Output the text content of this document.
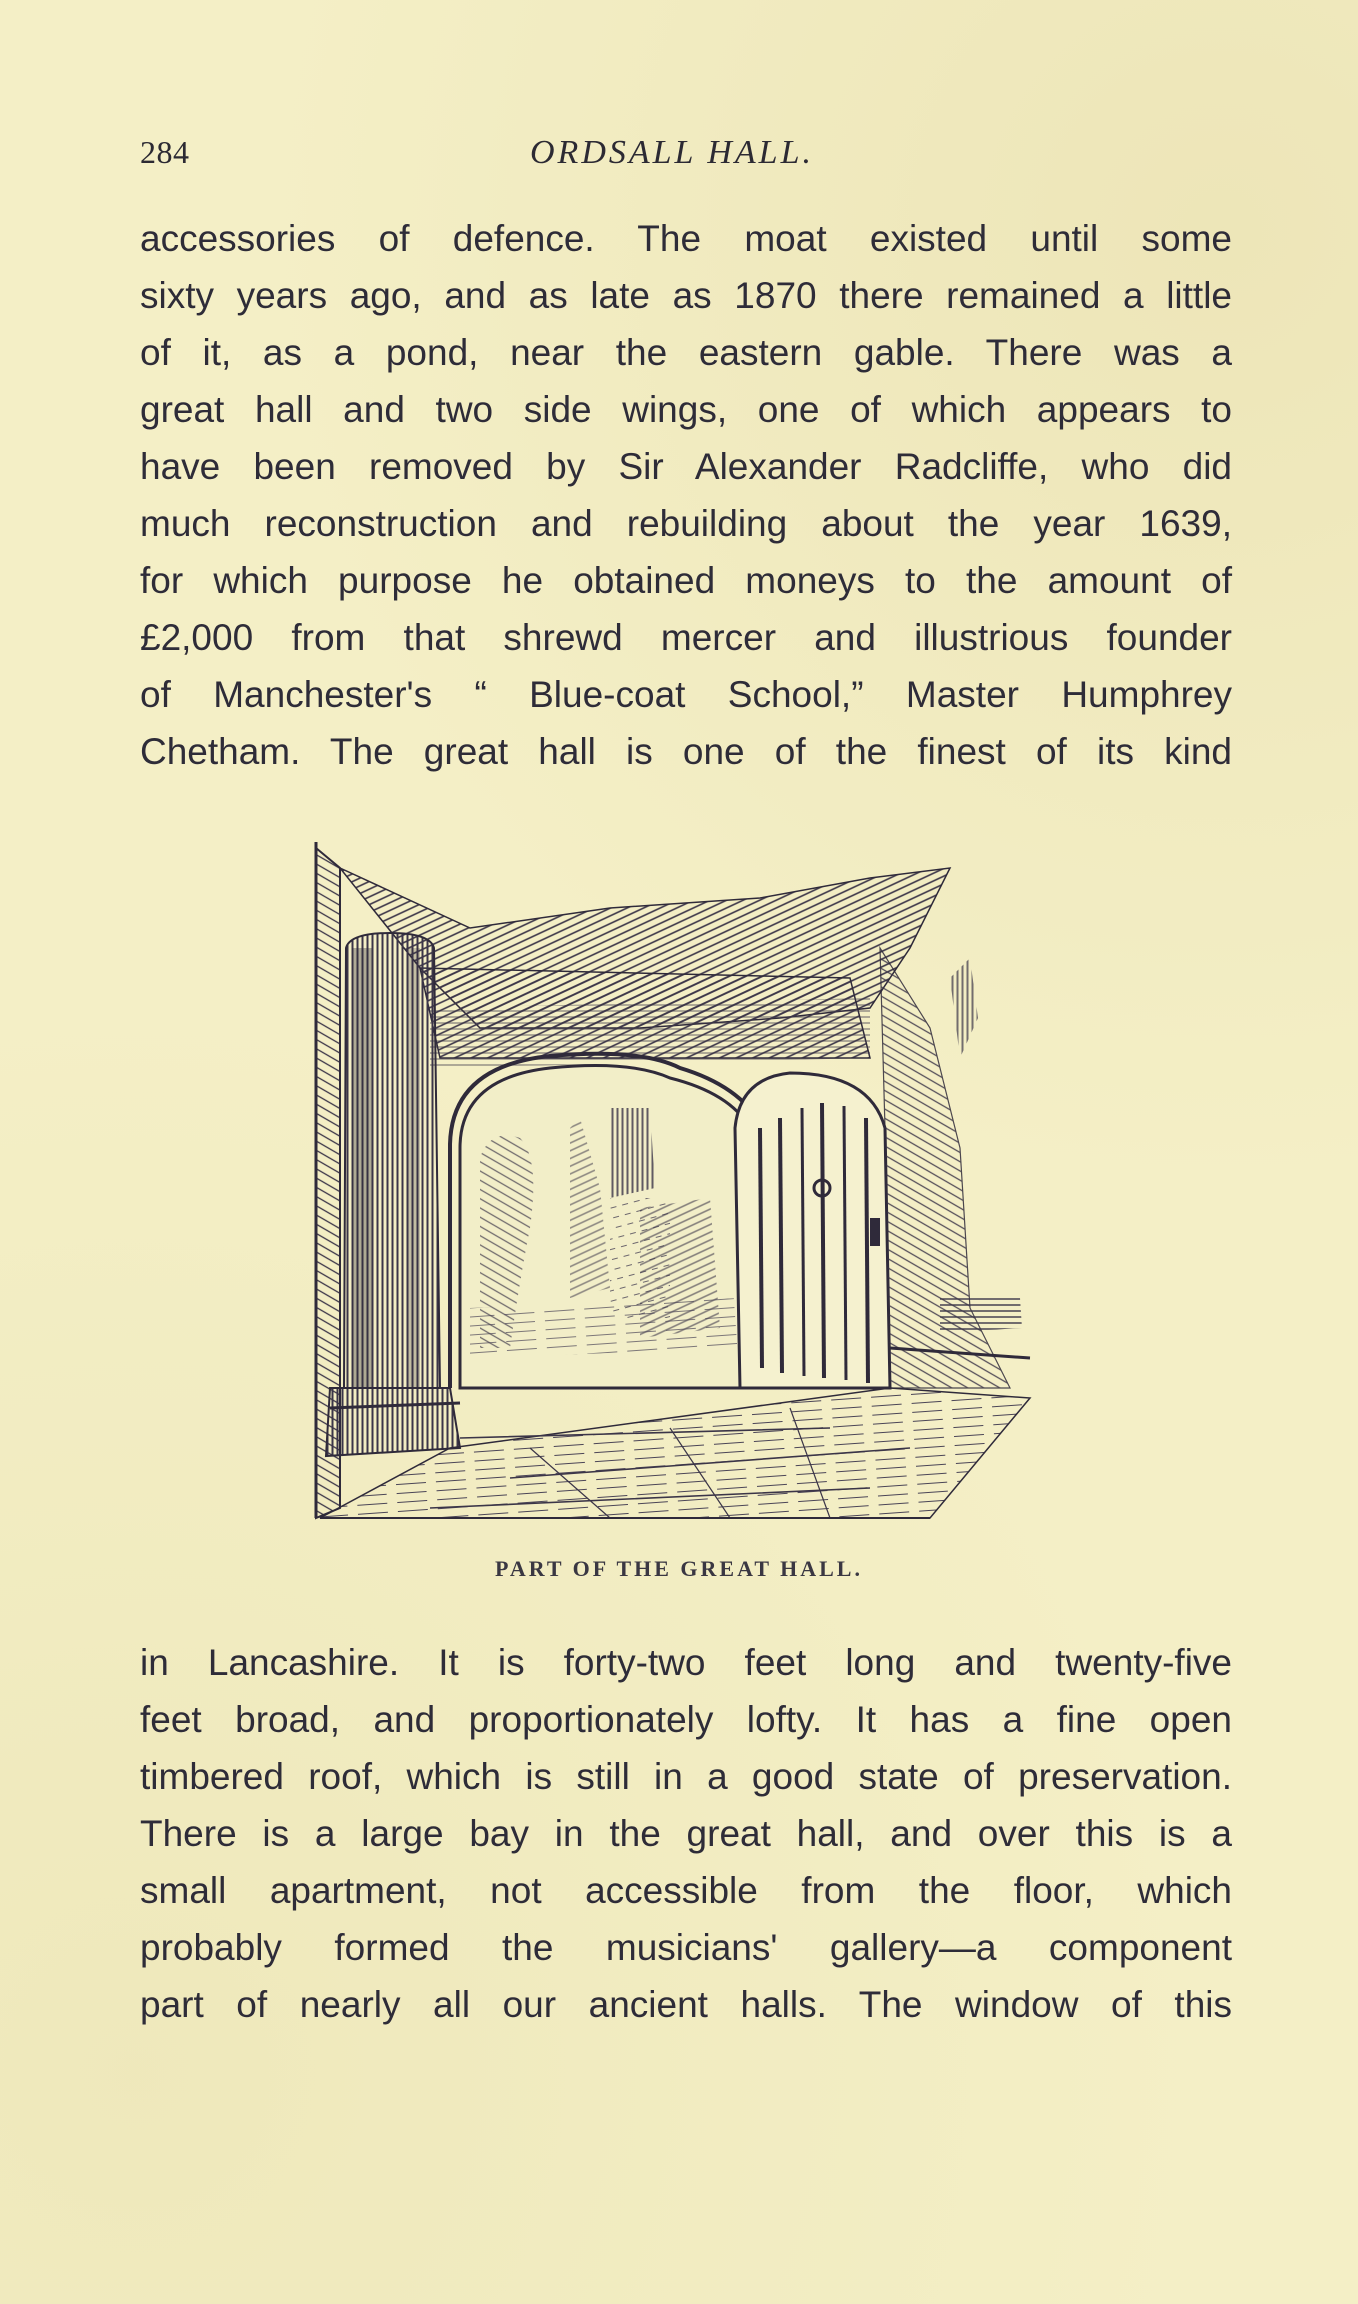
284	ORDSALL HALL.
accessories of defence. The moat existed until some
sixty years ago, and as late as 1870 there remained a little
of it, as a pond, near the eastern gable. There was a
great hall and two side wings, one of which appears to
have been removed by Sir Alexander Radcliffe, who did
much reconstruction and rebuilding about the year 1639,
for which purpose he obtained moneys to the amount of
£2,000 from that shrewd mercer and illustrious founder
of Manchester's “ Blue-coat School,” Master Humphrey
Chetham. The great hall is one of the finest of its kind
PART OF THE GREAT HALL.
in Lancashire. It is forty-two feet long and twenty-five
feet broad, and proportionately lofty. It has a fine open
timbered roof, which is still in a good state of preservation.
There is a large bay in the great hall, and over this is a
small apartment, not accessible from the floor, which
probably formed the musicians' gallery—a component
part of nearly all our ancient halls. The window of this
